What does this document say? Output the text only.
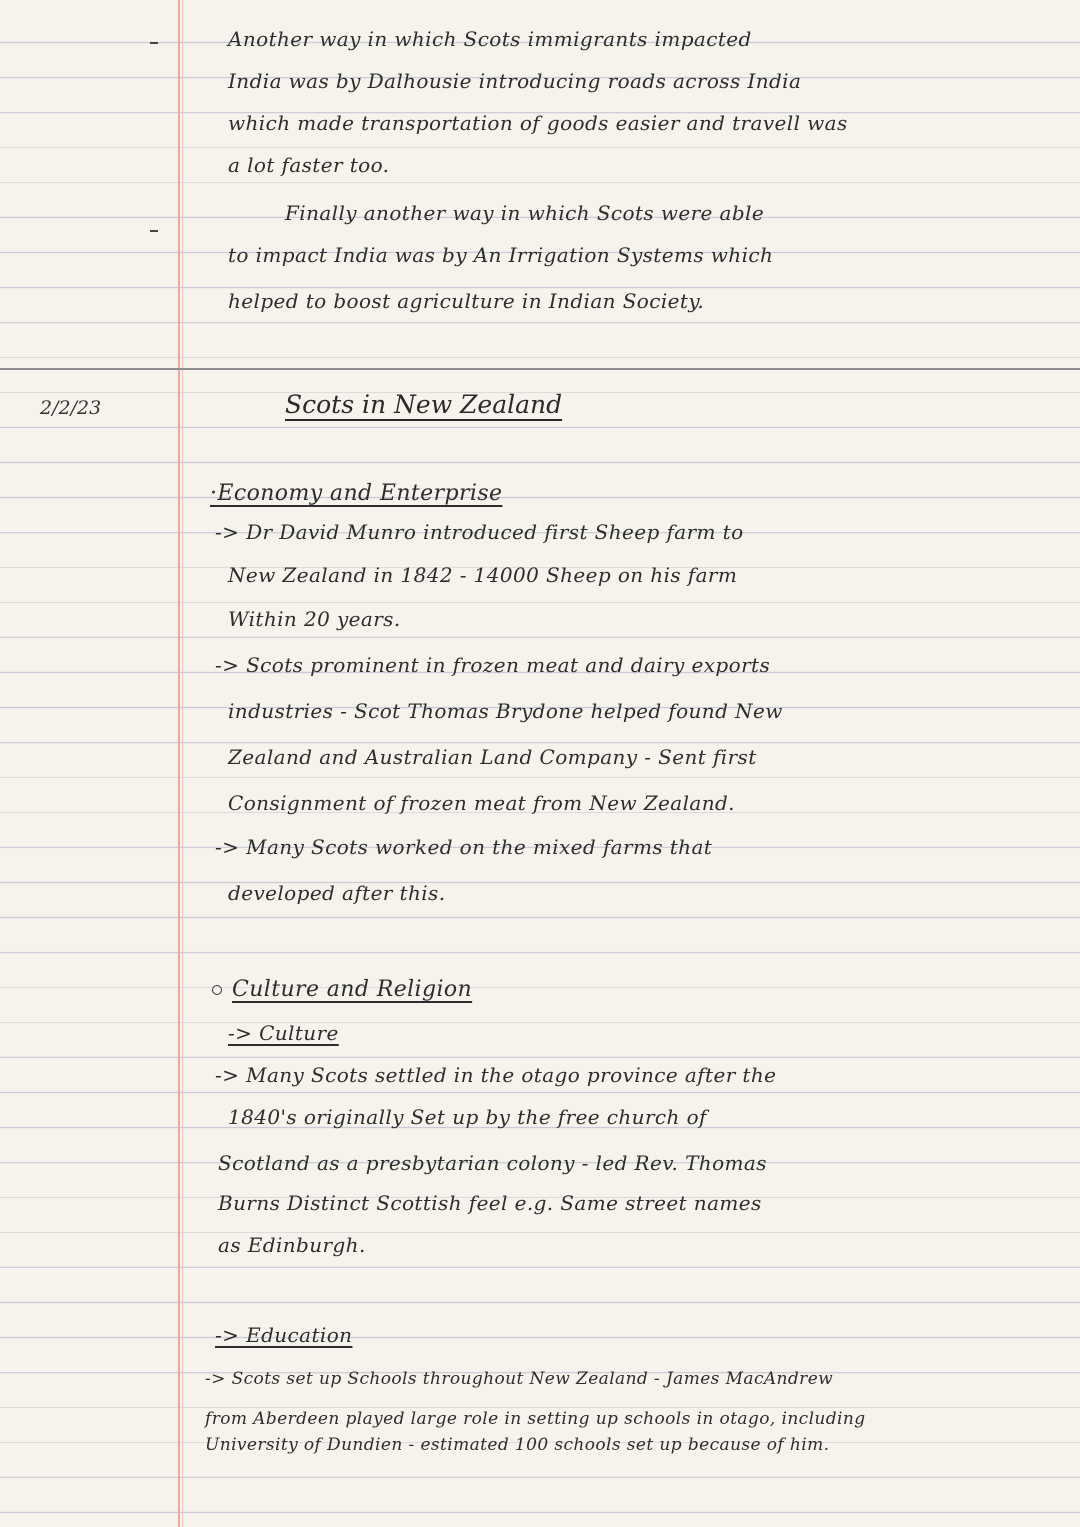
Another way in which Scots immigrants impacted
India was by Dalhousie introducing roads across India
which made transportation of goods easier and travell was
a lot faster too.
Finally another way in which Scots were able
to impact India was by An Irrigation Systems which
helped to boost agriculture in Indian Society.
2/2/23	Scots in New Zealand
·Economy and Enterprise
-> Dr David Munro introduced first Sheep farm to
New Zealand in 1842 - 14000 Sheep on his farm
Within 20 years.
-> Scots prominent in frozen meat and dairy exports
industries - Scot Thomas Brydone helped found New
Zealand and Australian Land Company - Sent first
Consignment of frozen meat from New Zealand.
-> Many Scots worked on the mixed farms that
developed after this.
Culture and Religion
-> Culture
-> Many Scots settled in the otago province after the
1840's originally Set up by the free church of
Scotland as a presbytarian colony - led Rev. Thomas
Burns Distinct Scottish feel e.g. Same street names
as Edinburgh.
-> Education
-> Scots set up Schools throughout New Zealand - James MacAndrew
from Aberdeen played large role in setting up schools in otago, including
University of Dundien - estimated 100 schools set up because of him.
